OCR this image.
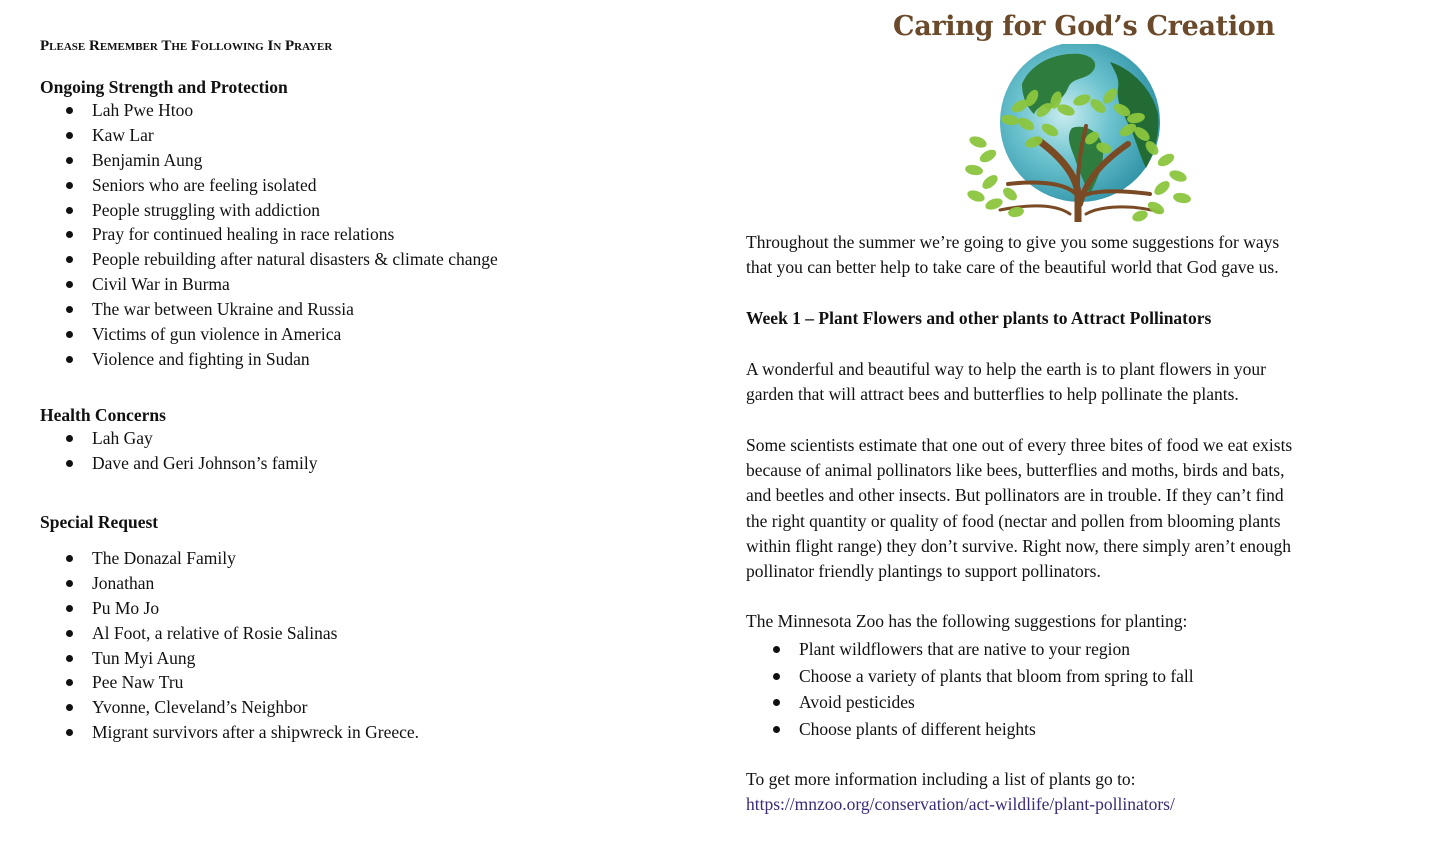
Please Remember The Following In Prayer
Ongoing Strength and Protection
Lah Pwe Htoo
Kaw Lar
Benjamin Aung
Seniors who are feeling isolated
People struggling with addiction
Pray for continued healing in race relations
People rebuilding after natural disasters & climate change
Civil War in Burma
The war between Ukraine and Russia
Victims of gun violence in America
Violence and fighting in Sudan
Health Concerns
Lah Gay
Dave and Geri Johnson’s family
Special Request
The Donazal Family
Jonathan
Pu Mo Jo
Al Foot, a relative of Rosie Salinas
Tun Myi Aung
Pee Naw Tru
Yvonne, Cleveland’s Neighbor
Migrant survivors after a shipwreck in Greece.
Caring for God’s Creation

Throughout the summer we’re going to give you some suggestions for ways

that you can better help to take care of the beautiful world that God gave us.

Week 1 – Plant Flowers and other plants to Attract Pollinators

A wonderful and beautiful way to help the earth is to plant flowers in your

garden that will attract bees and butterflies to help pollinate the plants.

Some scientists estimate that one out of every three bites of food we eat exists

because of animal pollinators like bees, butterflies and moths, birds and bats,

and beetles and other insects. But pollinators are in trouble. If they can’t find

the right quantity or quality of food (nectar and pollen from blooming plants

within flight range) they don’t survive. Right now, there simply aren’t enough

pollinator friendly plantings to support pollinators.

The Minnesota Zoo has the following suggestions for planting:

Plant wildflowers that are native to your region
Choose a variety of plants that bloom from spring to fall
Avoid pesticides
Choose plants of different heights

To get more information including a list of plants go to:

https://mnzoo.org/conservation/act-wildlife/plant-pollinators/
